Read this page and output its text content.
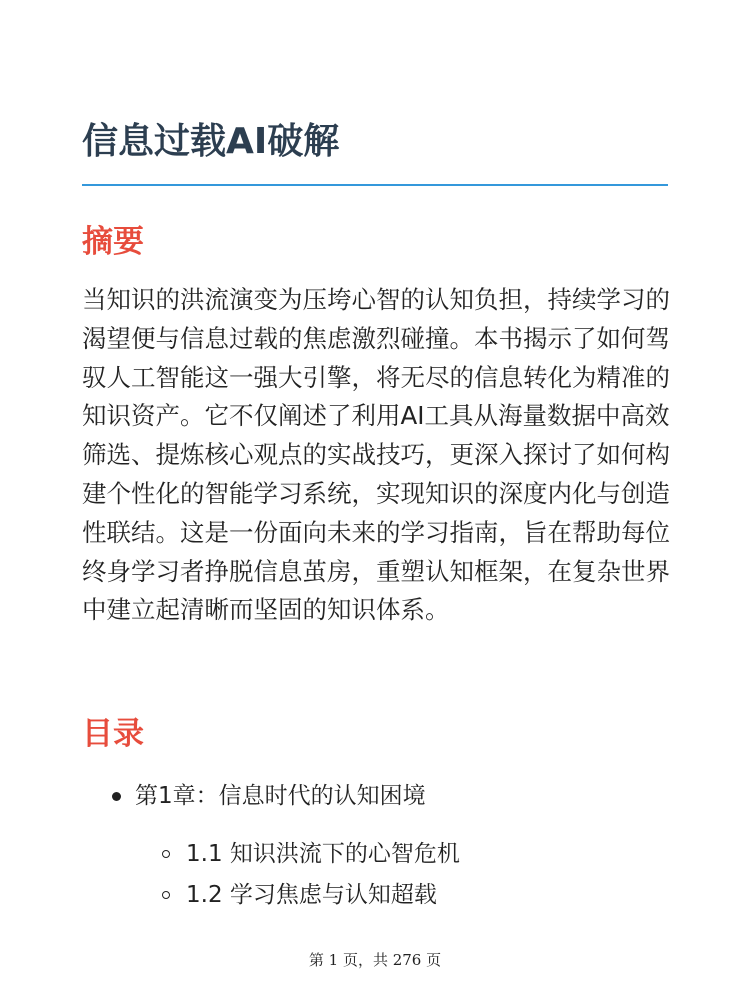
信息过载AI破解
摘要

当知识的洪流演变为压垮心智的认知负担，持续学习的渴望便与信息过载的焦虑激烈碰撞。本书揭示了如何驾驭人工智能这一强大引擎，将无尽的信息转化为精准的知识资产。它不仅阐述了利用AI工具从海量数据中高效筛选、提炼核心观点的实战技巧，更深入探讨了如何构建个性化的智能学习系统，实现知识的深度内化与创造性联结。这是一份面向未来的学习指南，旨在帮助每位终身学习者挣脱信息茧房，重塑认知框架，在复杂世界中建立起清晰而坚固的知识体系。

目录
第1章：信息时代的认知困境
1.1 知识洪流下的心智危机
1.2 学习焦虑与认知超载
第 1 页，共 276 页
